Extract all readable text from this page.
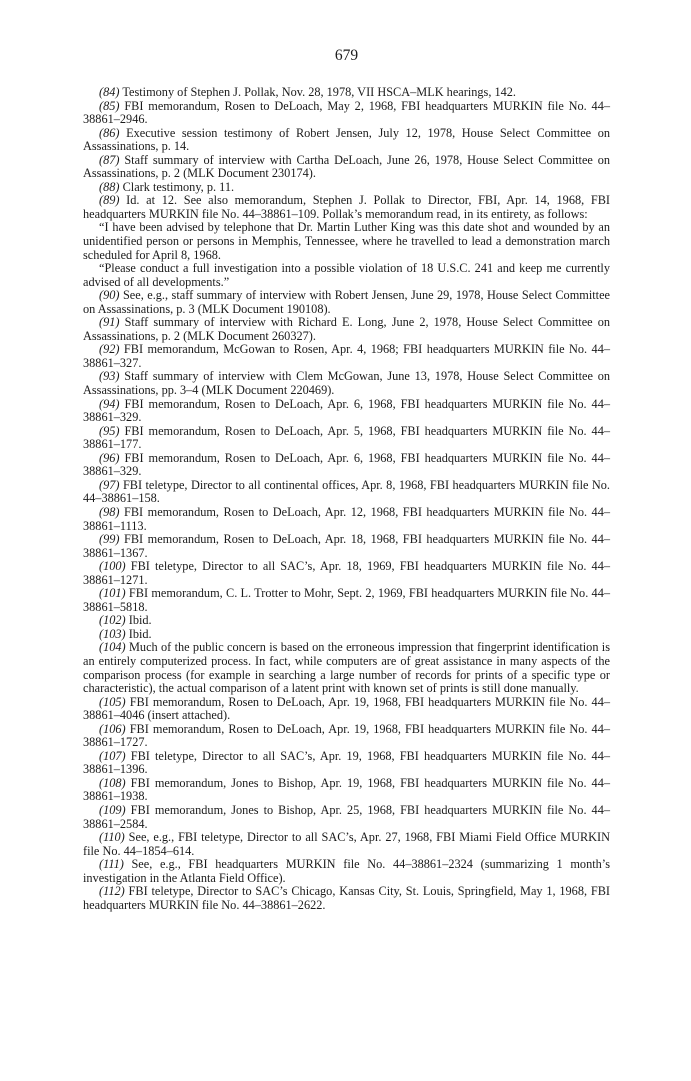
679

(84) Testimony of Stephen J. Pollak, Nov. 28, 1978, VII HSCA–MLK hearings, 142.

(85) FBI memorandum, Rosen to DeLoach, May 2, 1968, FBI headquarters MURKIN file No. 44–38861–2946.

(86) Executive session testimony of Robert Jensen, July 12, 1978, House Select Committee on Assassinations, p. 14.

(87) Staff summary of interview with Cartha DeLoach, June 26, 1978, House Select Committee on Assassinations, p. 2 (MLK Document 230174).

(88) Clark testimony, p. 11.

(89) Id. at 12. See also memorandum, Stephen J. Pollak to Director, FBI, Apr. 14, 1968, FBI headquarters MURKIN file No. 44–38861–109. Pollak’s memorandum read, in its entirety, as follows:

“I have been advised by telephone that Dr. Martin Luther King was this date shot and wounded by an unidentified person or persons in Memphis, Tennessee, where he travelled to lead a demonstration march scheduled for April 8, 1968.

“Please conduct a full investigation into a possible violation of 18 U.S.C. 241 and keep me currently advised of all developments.”

(90) See, e.g., staff summary of interview with Robert Jensen, June 29, 1978, House Select Committee on Assassinations, p. 3 (MLK Document 190108).

(91) Staff summary of interview with Richard E. Long, June 2, 1978, House Select Committee on Assassinations, p. 2 (MLK Document 260327).

(92) FBI memorandum, McGowan to Rosen, Apr. 4, 1968; FBI headquarters MURKIN file No. 44–38861–327.

(93) Staff summary of interview with Clem McGowan, June 13, 1978, House Select Committee on Assassinations, pp. 3–4 (MLK Document 220469).

(94) FBI memorandum, Rosen to DeLoach, Apr. 6, 1968, FBI headquarters MURKIN file No. 44–38861–329.

(95) FBI memorandum, Rosen to DeLoach, Apr. 5, 1968, FBI headquarters MURKIN file No. 44–38861–177.

(96) FBI memorandum, Rosen to DeLoach, Apr. 6, 1968, FBI headquarters MURKIN file No. 44–38861–329.

(97) FBI teletype, Director to all continental offices, Apr. 8, 1968, FBI headquarters MURKIN file No. 44–38861–158.

(98) FBI memorandum, Rosen to DeLoach, Apr. 12, 1968, FBI headquarters MURKIN file No. 44–38861–1113.

(99) FBI memorandum, Rosen to DeLoach, Apr. 18, 1968, FBI headquarters MURKIN file No. 44–38861–1367.

(100) FBI teletype, Director to all SAC’s, Apr. 18, 1969, FBI headquarters MURKIN file No. 44–38861–1271.

(101) FBI memorandum, C. L. Trotter to Mohr, Sept. 2, 1969, FBI headquarters MURKIN file No. 44–38861–5818.

(102) Ibid.

(103) Ibid.

(104) Much of the public concern is based on the erroneous impression that fingerprint identification is an entirely computerized process. In fact, while computers are of great assistance in many aspects of the comparison process (for example in searching a large number of records for prints of a specific type or characteristic), the actual comparison of a latent print with known set of prints is still done manually.

(105) FBI memorandum, Rosen to DeLoach, Apr. 19, 1968, FBI headquarters MURKIN file No. 44–38861–4046 (insert attached).

(106) FBI memorandum, Rosen to DeLoach, Apr. 19, 1968, FBI headquarters MURKIN file No. 44–38861–1727.

(107) FBI teletype, Director to all SAC’s, Apr. 19, 1968, FBI headquarters MURKIN file No. 44–38861–1396.

(108) FBI memorandum, Jones to Bishop, Apr. 19, 1968, FBI headquarters MURKIN file No. 44–38861–1938.

(109) FBI memorandum, Jones to Bishop, Apr. 25, 1968, FBI headquarters MURKIN file No. 44–38861–2584.

(110) See, e.g., FBI teletype, Director to all SAC’s, Apr. 27, 1968, FBI Miami Field Office MURKIN file No. 44–1854–614.

(111) See, e.g., FBI headquarters MURKIN file No. 44–38861–2324 (summarizing 1 month’s investigation in the Atlanta Field Office).

(112) FBI teletype, Director to SAC’s Chicago, Kansas City, St. Louis, Springfield, May 1, 1968, FBI headquarters MURKIN file No. 44–38861–2622.
